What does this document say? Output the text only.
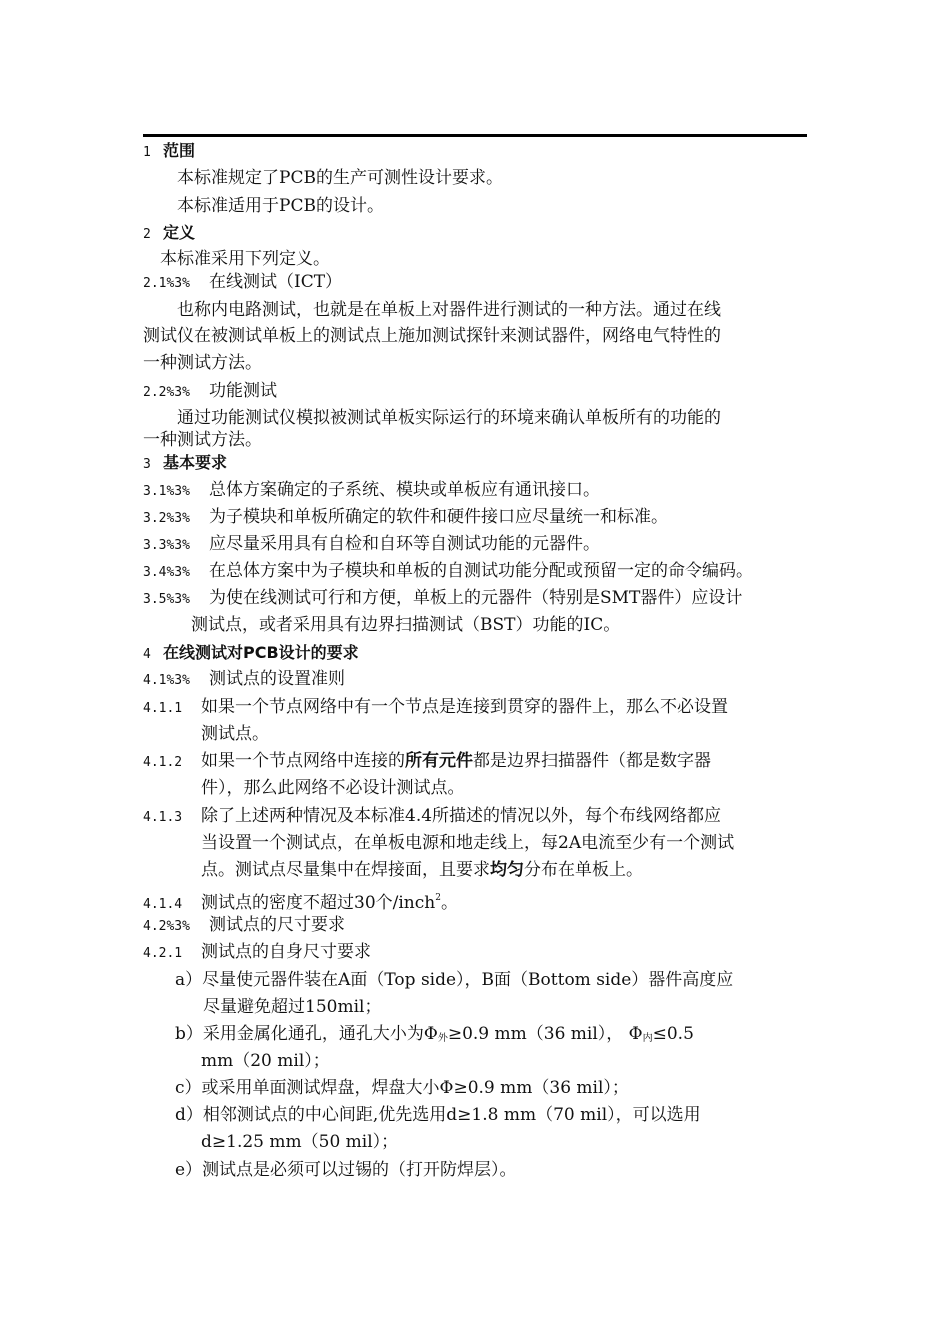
1 范围
本标准规定了PCB的生产可测性设计要求。
本标准适用于PCB的设计。
2 定义
本标准采用下列定义。
2.1%3% 在线测试（ICT）
也称内电路测试，也就是在单板上对器件进行测试的一种方法。通过在线
测试仪在被测试单板上的测试点上施加测试探针来测试器件，网络电气特性的
一种测试方法。
2.2%3% 功能测试
通过功能测试仪模拟被测试单板实际运行的环境来确认单板所有的功能的
一种测试方法。
3 基本要求
3.1%3% 总体方案确定的子系统、模块或单板应有通讯接口。
3.2%3% 为子模块和单板所确定的软件和硬件接口应尽量统一和标准。
3.3%3% 应尽量采用具有自检和自环等自测试功能的元器件。
3.4%3% 在总体方案中为子模块和单板的自测试功能分配或预留一定的命令编码。
3.5%3% 为使在线测试可行和方便，单板上的元器件（特别是SMT器件）应设计
测试点，或者采用具有边界扫描测试（BST）功能的IC。
4 在线测试对PCB设计的要求
4.1%3% 测试点的设置准则
4.1.1 如果一个节点网络中有一个节点是连接到贯穿的器件上，那么不必设置
测试点。
4.1.2 如果一个节点网络中连接的所有元件都是边界扫描器件（都是数字器
件），那么此网络不必设计测试点。
4.1.3 除了上述两种情况及本标准4.4所描述的情况以外，每个布线网络都应
当设置一个测试点，在单板电源和地走线上，每2A电流至少有一个测试
点。测试点尽量集中在焊接面，且要求均匀分布在单板上。
4.1.4 测试点的密度不超过30个/inch$^2$。
4.2%3% 测试点的尺寸要求
4.2.1 测试点的自身尺寸要求
a）尽量使元器件装在A面（Top side），B面（Bottom side）器件高度应
尽量避免超过150mil；
b）采用金属化通孔，通孔大小为$\Phi_外\ge 0.9$ mm（36 mil）， $\Phi_内\le 0.5$
mm（20 mil）；
c）或采用单面测试焊盘，焊盘大小Φ≥0.9 mm（36 mil）；
d）相邻测试点的中心间距,优先选用d≥1.8 mm（70 mil），可以选用
d≥1.25 mm（50 mil）；
e）测试点是必须可以过锡的（打开防焊层）。
